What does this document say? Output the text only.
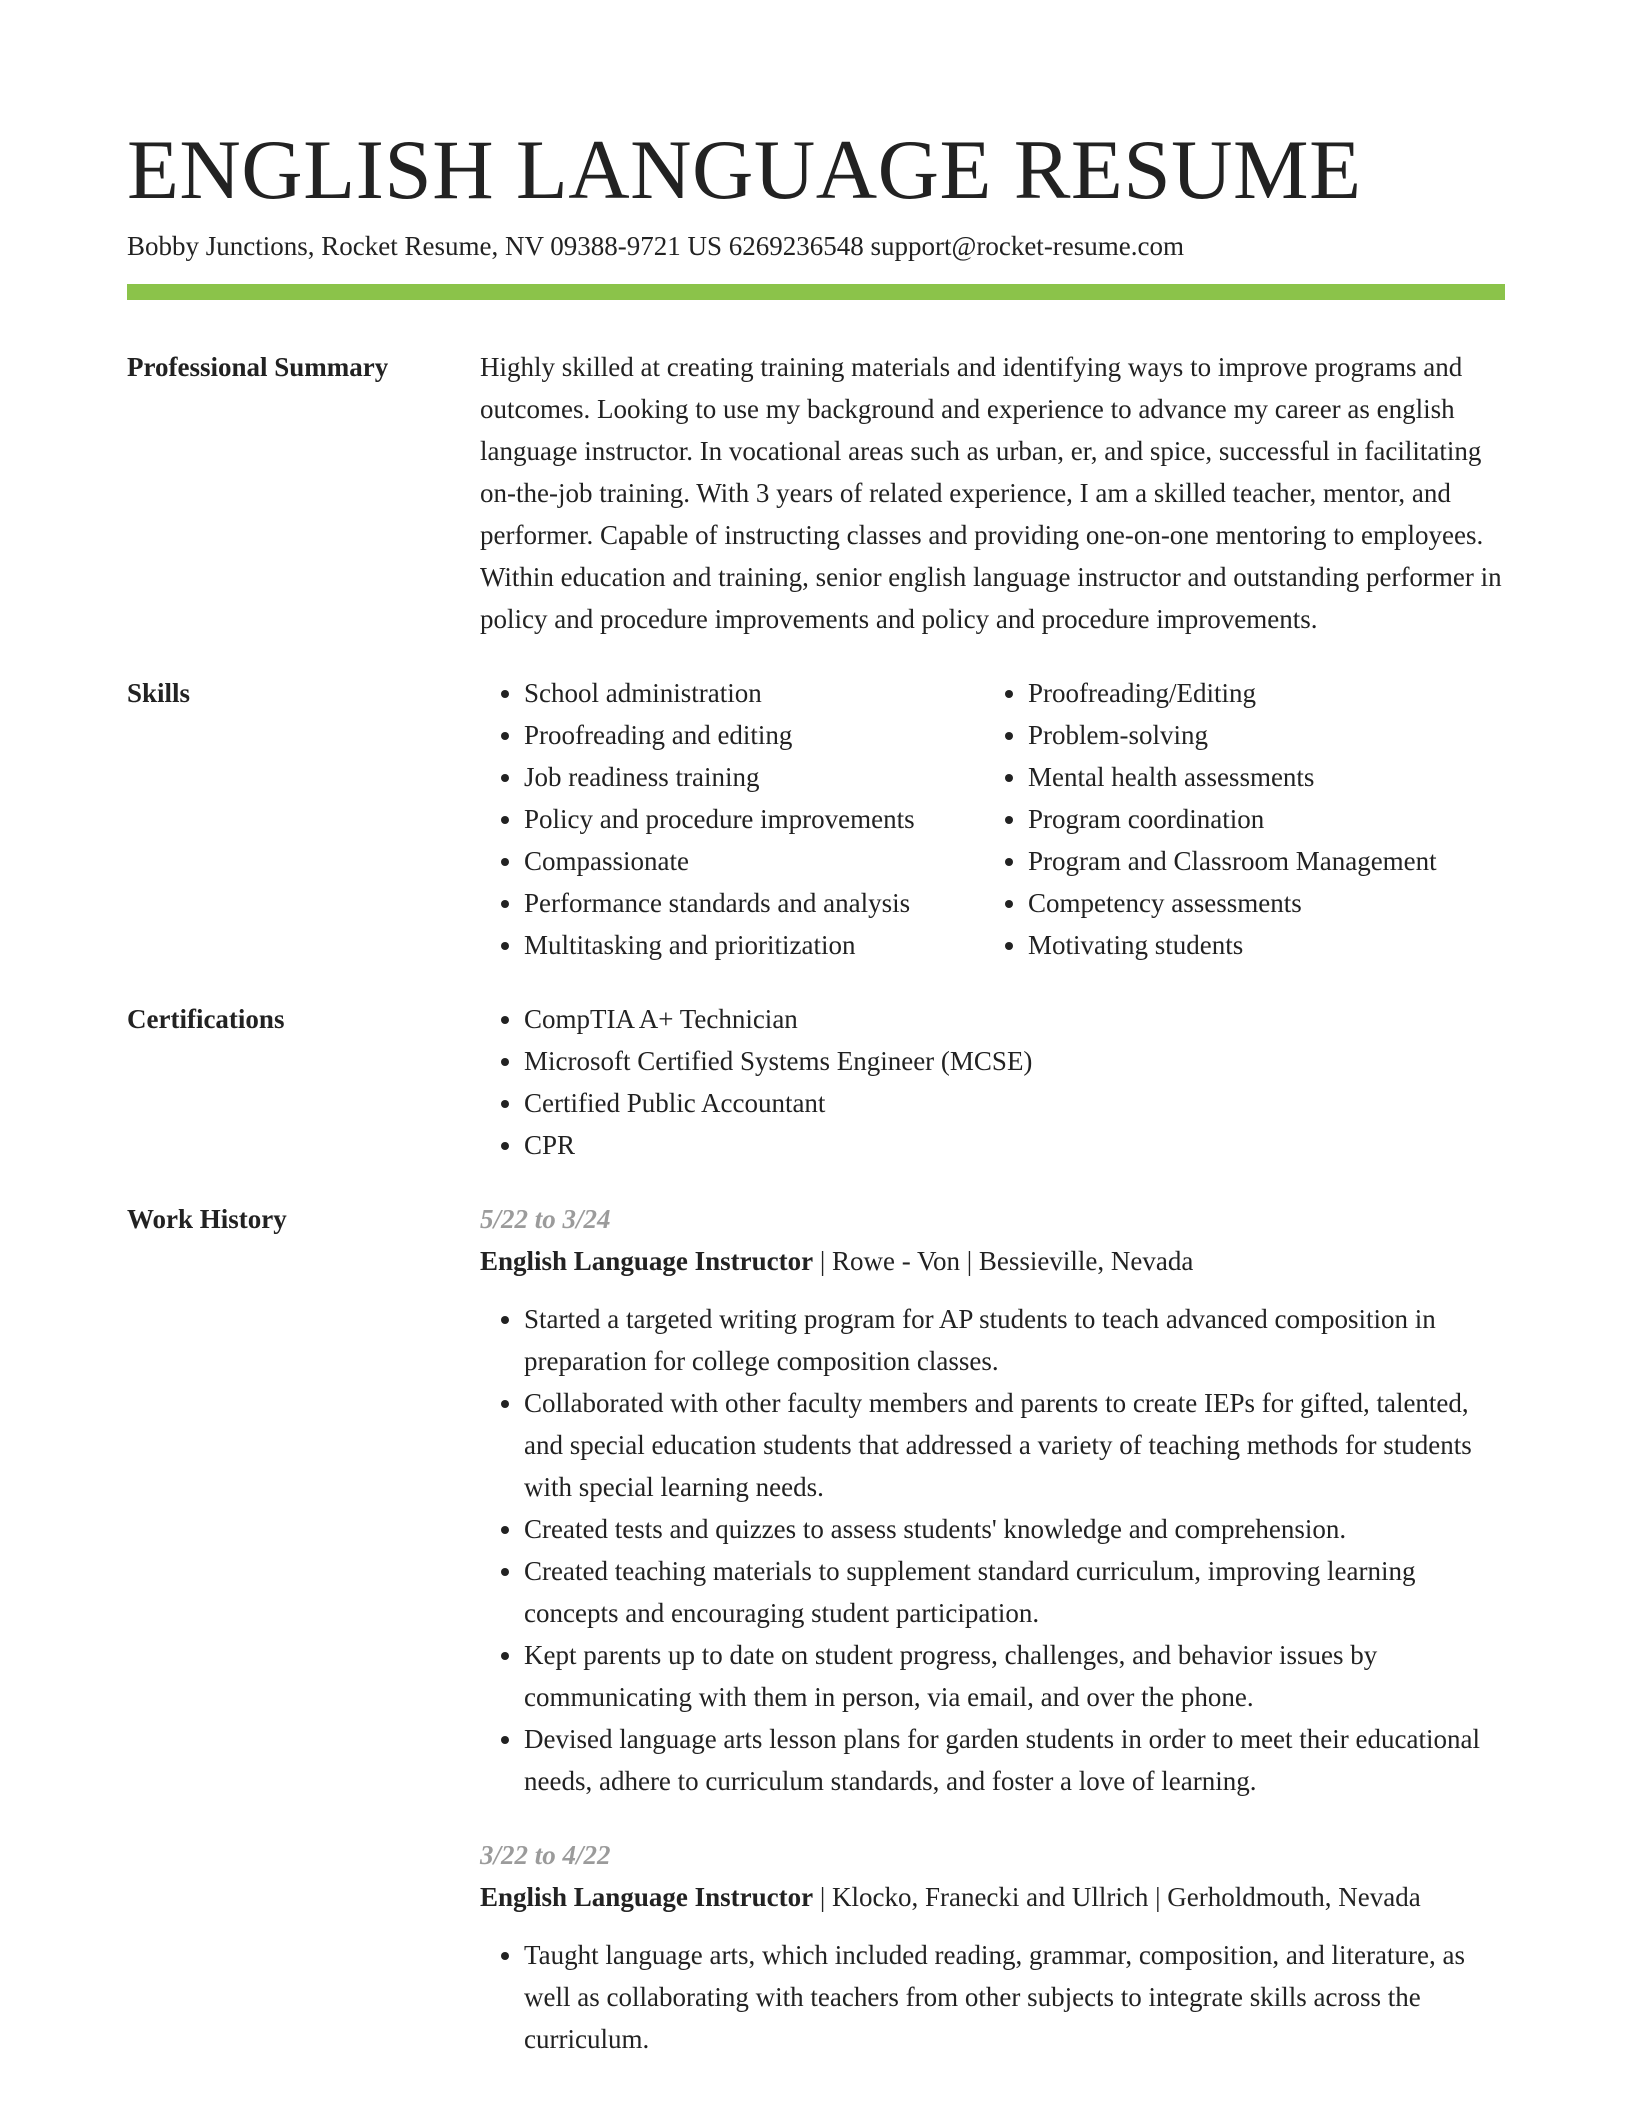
ENGLISH LANGUAGE RESUME
Bobby Junctions, Rocket Resume, NV 09388-9721 US 6269236548 support@rocket-resume.com
Professional Summary	Highly skilled at creating training materials and identifying ways to improve programs and outcomes. Looking to use my background and experience to advance my career as english language instructor. In vocational areas such as urban, er, and spice, successful in facilitating on-the-job training. With 3 years of related experience, I am a skilled teacher, mentor, and performer. Capable of instructing classes and providing one-on-one mentoring to employees. Within education and training, senior english language instructor and outstanding performer in policy and procedure improvements and policy and procedure improvements.

Skills	• School administration
• Proofreading and editing
• Job readiness training
• Policy and procedure improvements
• Compassionate
• Performance standards and analysis
• Multitasking and prioritization
• Proofreading/Editing
• Problem-solving
• Mental health assessments
• Program coordination
• Program and Classroom Management
• Competency assessments
• Motivating students
Certifications	• CompTIA A+ Technician
• Microsoft Certified Systems Engineer (MCSE)
• Certified Public Accountant
• CPR
Work History	5/22 to 3/24
English Language Instructor | Rowe - Von | Bessieville, Nevada
• Started a targeted writing program for AP students to teach advanced composition in preparation for college composition classes.
• Collaborated with other faculty members and parents to create IEPs for gifted, talented, and special education students that addressed a variety of teaching methods for students with special learning needs.
• Created tests and quizzes to assess students' knowledge and comprehension.
• Created teaching materials to supplement standard curriculum, improving learning concepts and encouraging student participation.
• Kept parents up to date on student progress, challenges, and behavior issues by communicating with them in person, via email, and over the phone.
• Devised language arts lesson plans for garden students in order to meet their educational needs, adhere to curriculum standards, and foster a love of learning.
3/22 to 4/22
English Language Instructor | Klocko, Franecki and Ullrich | Gerholdmouth, Nevada
• Taught language arts, which included reading, grammar, composition, and literature, as well as collaborating with teachers from other subjects to integrate skills across the curriculum.
